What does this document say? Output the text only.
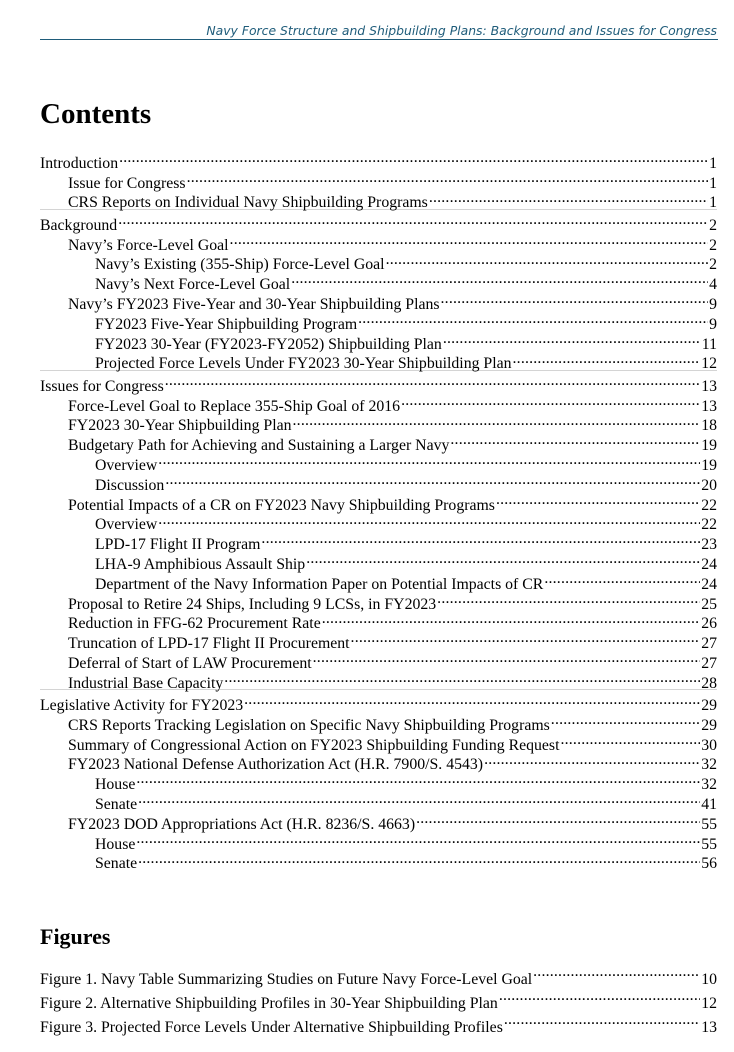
Navy Force Structure and Shipbuilding Plans: Background and Issues for Congress
Contents
Introduction .....	1
Issue for Congress .....	1
CRS Reports on Individual Navy Shipbuilding Programs .....	1
Background .....	2
Navy’s Force-Level Goal .....	2
Navy’s Existing (355-Ship) Force-Level Goal .....	2
Navy’s Next Force-Level Goal .....	4
Navy’s FY2023 Five-Year and 30-Year Shipbuilding Plans .....	9
FY2023 Five-Year Shipbuilding Program .....	9
FY2023 30-Year (FY2023-FY2052) Shipbuilding Plan .....	11
Projected Force Levels Under FY2023 30-Year Shipbuilding Plan .....	12
Issues for Congress .....	13
Force-Level Goal to Replace 355-Ship Goal of 2016 .....	13
FY2023 30-Year Shipbuilding Plan .....	18
Budgetary Path for Achieving and Sustaining a Larger Navy .....	19
Overview .....	19
Discussion .....	20
Potential Impacts of a CR on FY2023 Navy Shipbuilding Programs .....	22
Overview .....	22
LPD-17 Flight II Program .....	23
LHA-9 Amphibious Assault Ship .....	24
Department of the Navy Information Paper on Potential Impacts of CR .....	24
Proposal to Retire 24 Ships, Including 9 LCSs, in FY2023 .....	25
Reduction in FFG-62 Procurement Rate .....	26
Truncation of LPD-17 Flight II Procurement .....	27
Deferral of Start of LAW Procurement .....	27
Industrial Base Capacity .....	28
Legislative Activity for FY2023 .....	29
CRS Reports Tracking Legislation on Specific Navy Shipbuilding Programs .....	29
Summary of Congressional Action on FY2023 Shipbuilding Funding Request .....	30
FY2023 National Defense Authorization Act (H.R. 7900/S. 4543) .....	32
House .....	32
Senate .....	41
FY2023 DOD Appropriations Act (H.R. 8236/S. 4663) .....	55
House .....	55
Senate .....	56
Figures
Figure 1. Navy Table Summarizing Studies on Future Navy Force-Level Goal .....	10
Figure 2. Alternative Shipbuilding Profiles in 30-Year Shipbuilding Plan .....	12
Figure 3. Projected Force Levels Under Alternative Shipbuilding Profiles .....	13
